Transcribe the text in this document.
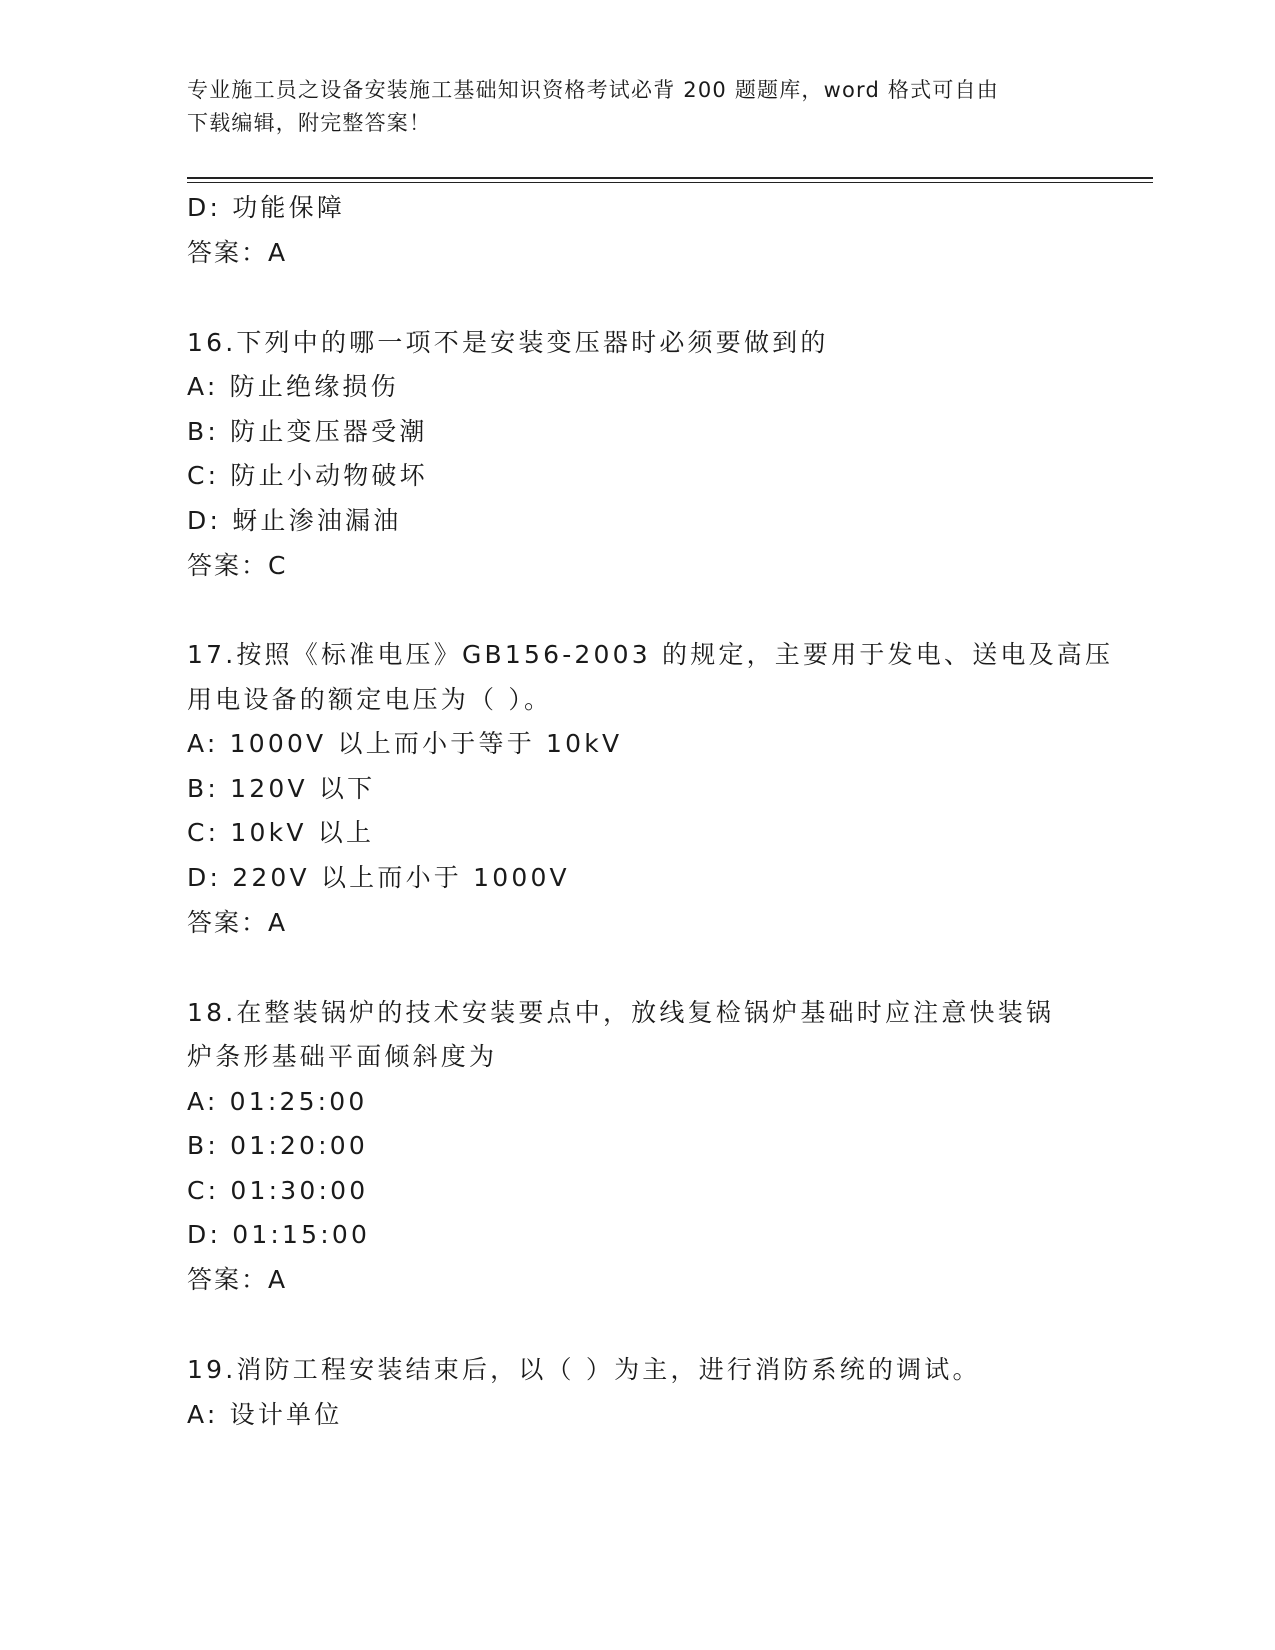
专业施工员之设备安装施工基础知识资格考试必背 200 题题库，word 格式可自由
下载编辑，附完整答案！
D: 功能保障
答案：A
16.下列中的哪一项不是安装变压器时必须要做到的
A: 防止绝缘损伤
B: 防止变压器受潮
C: 防止小动物破坏
D: 蚜止渗油漏油
答案：C
17.按照《标准电压》GB156-2003 的规定，主要用于发电、送电及高压
用电设备的额定电压为（ ）。
A: 1000V 以上而小于等于 10kV
B: 120V 以下
C: 10kV 以上
D: 220V 以上而小于 1000V
答案：A
18.在整装锅炉的技术安装要点中，放线复检锅炉基础时应注意快装锅
炉条形基础平面倾斜度为
A: 01:25:00
B: 01:20:00
C: 01:30:00
D: 01:15:00
答案：A
19.消防工程安装结束后，以（ ）为主，进行消防系统的调试。
A: 设计单位
